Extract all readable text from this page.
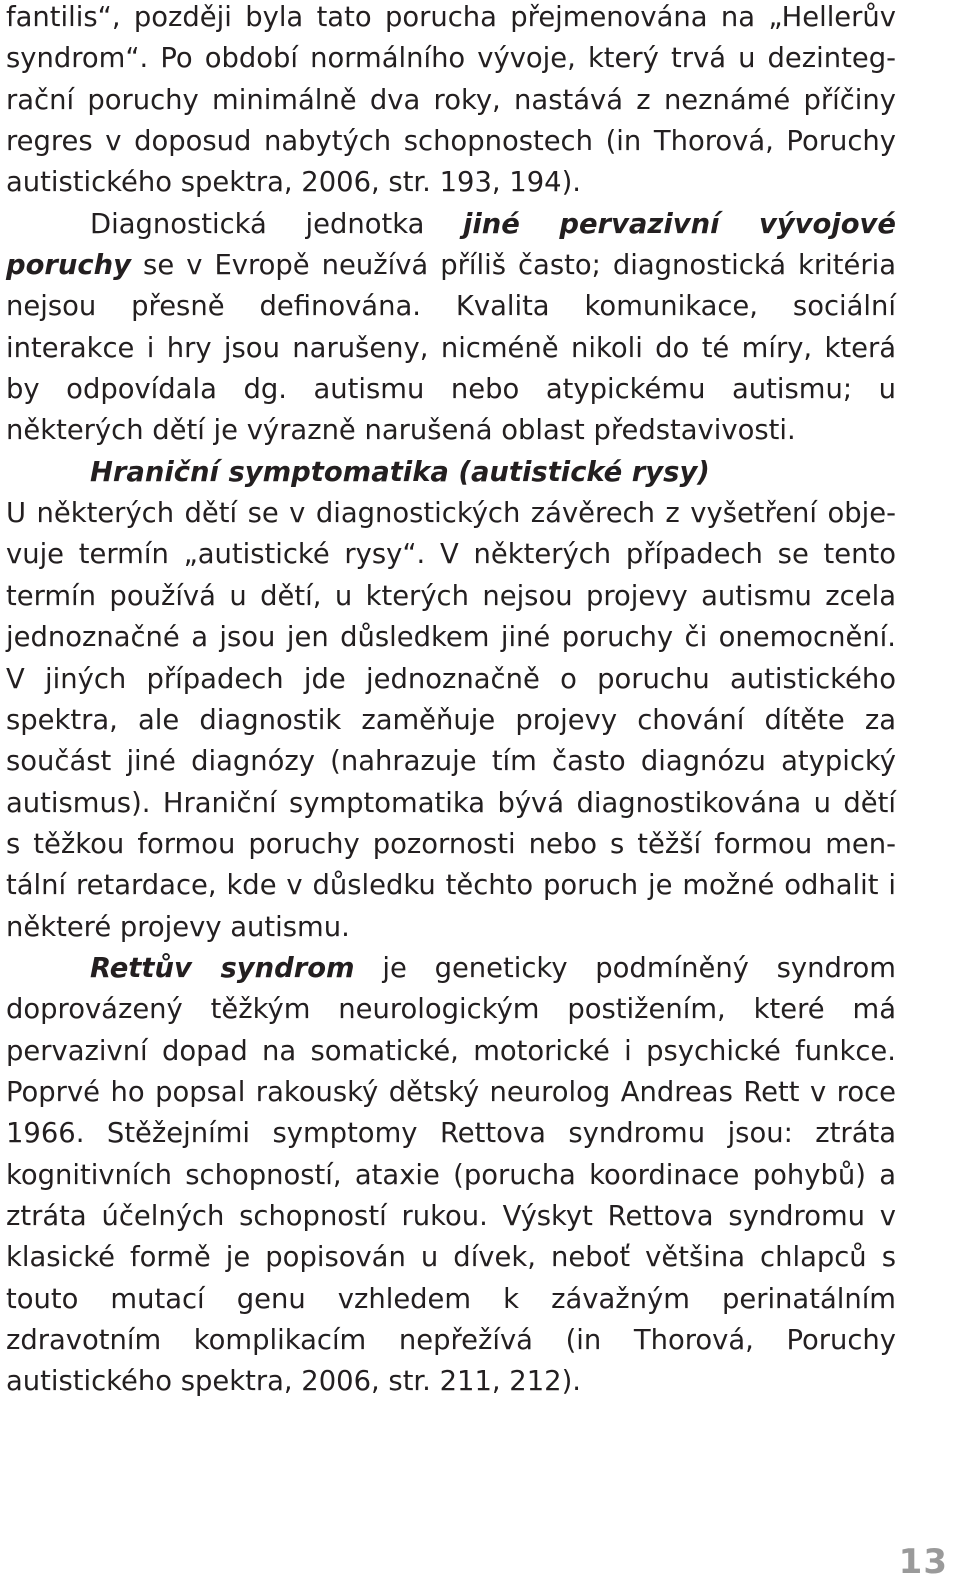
fantilis“, později byla tato porucha přejmenována na „Hellerův syndrom“. Po období normálního vývoje, který trvá u dezintegrační poruchy minimálně dva roky, nastává z neznámé příčiny regres v doposud nabytých schopnostech (in Thorová, Poruchy autistického spektra, 2006, str. 193, 194).

Diagnostická jednotka jiné pervazivní vývojové poruchy se v Evropě neužívá příliš často; diagnostická kritéria nejsou přesně definována. Kvalita komunikace, sociální interakce i hry jsou narušeny, nicméně nikoli do té míry, která by odpovídala dg. autismu nebo atypickému autismu; u některých dětí je výrazně narušená oblast představivosti.

Hraniční symptomatika (autistické rysy)

U některých dětí se v diagnostických závěrech z vyšetření objevuje termín „autistické rysy“. V některých případech se tento termín používá u dětí, u kterých nejsou projevy autismu zcela jednoznačné a jsou jen důsledkem jiné poruchy či onemocnění. V jiných případech jde jednoznačně o poruchu autistického spektra, ale diagnostik zaměňuje projevy chování dítěte za součást jiné diagnózy (nahrazuje tím často diagnózu atypický autismus). Hraniční symptomatika bývá diagnostikována u dětí s těžkou formou poruchy pozornosti nebo s těžší formou mentální retardace, kde v důsledku těchto poruch je možné odhalit i některé projevy autismu.

Rettův syndrom je geneticky podmíněný syndrom doprovázený těžkým neurologickým postižením, které má pervazivní dopad na somatické, motorické i psychické funkce. Poprvé ho popsal rakouský dětský neurolog Andreas Rett v roce 1966. Stěžejními symptomy Rettova syndromu jsou: ztráta kognitivních schopností, ataxie (porucha koordinace pohybů) a ztráta účelných schopností rukou. Výskyt Rettova syndromu v klasické formě je popisován u dívek, neboť většina chlapců s touto mutací genu vzhledem k závažným perinatálním zdravotním komplikacím nepřežívá (in Thorová, Poruchy autistického spektra, 2006, str. 211, 212).

13
